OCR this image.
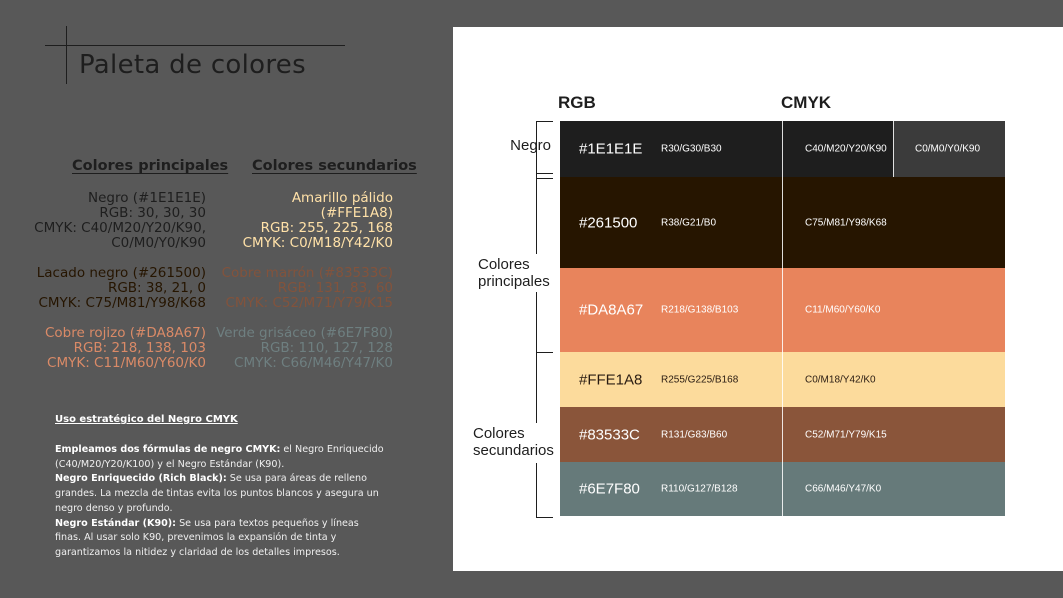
Paleta de colores
Colores principales Colores secundarios
Negro (#1E1E1E)
RGB: 30, 30, 30
CMYK: C40/M20/Y20/K90,
C0/M0/Y0/K90
Lacado negro (#261500)
RGB: 38, 21, 0
CMYK: C75/M81/Y98/K68
Cobre rojizo (#DA8A67)
RGB: 218, 138, 103
CMYK: C11/M60/Y60/K0
Amarillo pálido (#FFE1A8)
RGB: 255, 225, 168
CMYK: C0/M18/Y42/K0
Cobre marrón (#83533C)
RGB: 131, 83, 60
CMYK: C52/M71/Y79/K15
Verde grisáceo (#6E7F80)
RGB: 110, 127, 128
CMYK: C66/M46/Y47/K0
Uso estratégico del Negro CMYK

Empleamos dos fórmulas de negro CMYK: el Negro Enriquecido (C40/M20/Y20/K100) y el Negro Estándar (K90).

Negro Enriquecido (Rich Black): Se usa para áreas de relleno grandes. La mezcla de tintas evita los puntos blancos y asegura un negro denso y profundo.

Negro Estándar (K90): Se usa para textos pequeños y líneas finas. Al usar solo K90, prevenimos la expansión de tinta y garantizamos la nitidez y claridad de los detalles impresos.

RGB	CMYK
Negro
Colores
principales
Colores
secundarios
#1E1E1E R30/G30/B30	C40/M20/Y20/K90	C0/M0/Y0/K90
#261500 R38/G21/B0	C75/M81/Y98/K68
#DA8A67 R218/G138/B103	C11/M60/Y60/K0
#FFE1A8 R255/G225/B168	C0/M18/Y42/K0
#83533C R131/G83/B60	C52/M71/Y79/K15
#6E7F80 R110/G127/B128	C66/M46/Y47/K0
